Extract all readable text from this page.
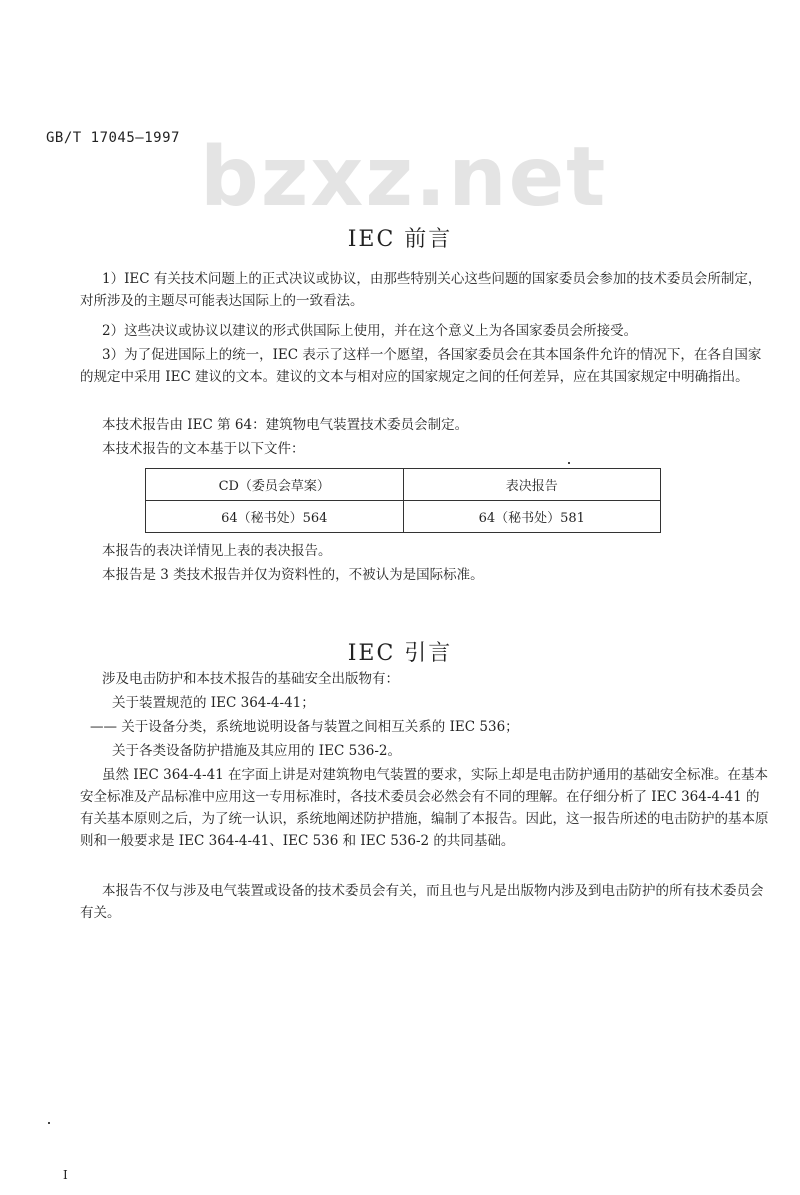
GB/T 17045—1997 bzxz.net
IEC 前言
1）IEC 有关技术问题上的正式决议或协议，由那些特别关心这些问题的国家委员会参加的技术委员会所制定，对所涉及的主题尽可能表达国际上的一致看法。
2）这些决议或协议以建议的形式供国际上使用，并在这个意义上为各国家委员会所接受。
3）为了促进国际上的统一，IEC 表示了这样一个愿望，各国家委员会在其本国条件允许的情况下，在各自国家的规定中采用 IEC 建议的文本。建议的文本与相对应的国家规定之间的任何差异，应在其国家规定中明确指出。
本技术报告由 IEC 第 64：建筑物电气装置技术委员会制定。
本技术报告的文本基于以下文件：
CD（委员会草案）	表决报告
64（秘书处）564	64（秘书处）581
本报告的表决详情见上表的表决报告。
本报告是 3 类技术报告并仅为资料性的，不被认为是国际标准。
IEC 引言
涉及电击防护和本技术报告的基础安全出版物有：
关于装置规范的 IEC 364-4-41；
—— 关于设备分类，系统地说明设备与装置之间相互关系的 IEC 536；
关于各类设备防护措施及其应用的 IEC 536-2。
虽然 IEC 364-4-41 在字面上讲是对建筑物电气装置的要求，实际上却是电击防护通用的基础安全标准。在基本安全标准及产品标准中应用这一专用标准时，各技术委员会必然会有不同的理解。在仔细分析了 IEC 364-4-41 的有关基本原则之后，为了统一认识，系统地阐述防护措施，编制了本报告。因此，这一报告所述的电击防护的基本原则和一般要求是 IEC 364-4-41、IEC 536 和 IEC 536-2 的共同基础。
本报告不仅与涉及电气装置或设备的技术委员会有关，而且也与凡是出版物内涉及到电击防护的所有技术委员会有关。
I
